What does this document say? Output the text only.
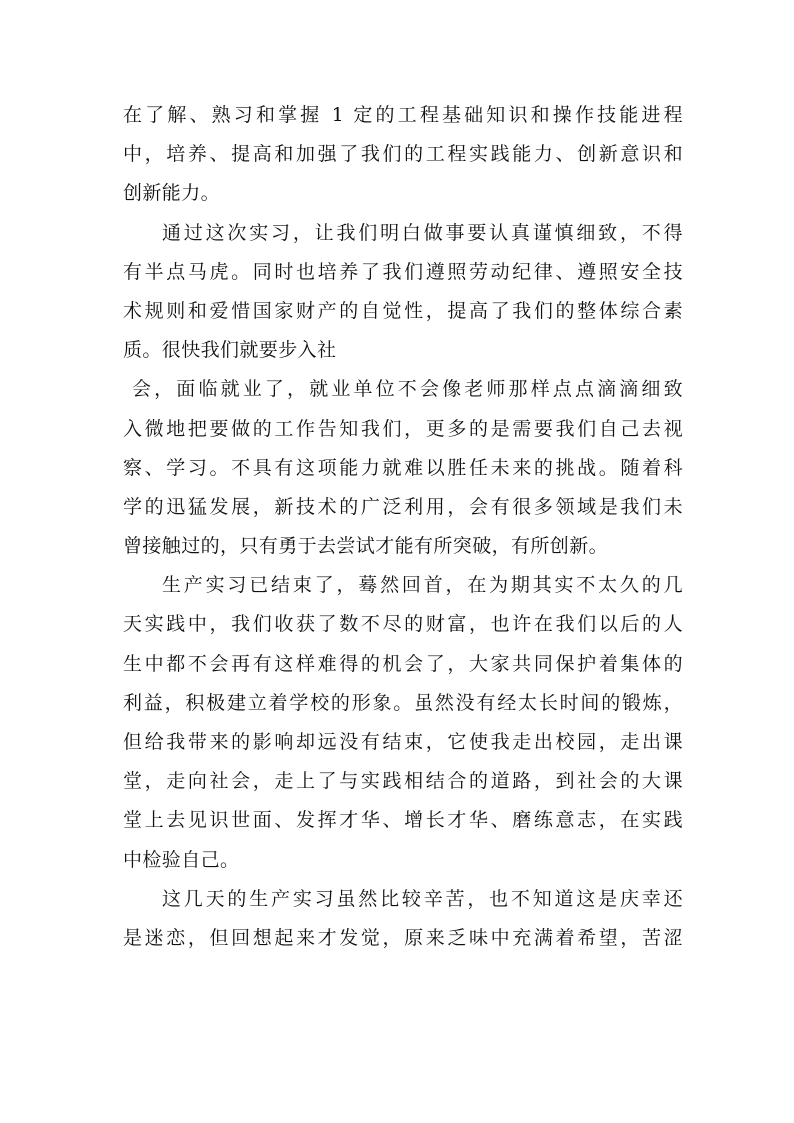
在了解、熟习和掌握 1 定的工程基础知识和操作技能进程
中，培养、提高和加强了我们的工程实践能力、创新意识和
创新能力。
通过这次实习，让我们明白做事要认真谨慎细致，不得
有半点马虎。同时也培养了我们遵照劳动纪律、遵照安全技
术规则和爱惜国家财产的自觉性，提高了我们的整体综合素
质。很快我们就要步入社
会，面临就业了，就业单位不会像老师那样点点滴滴细致
入微地把要做的工作告知我们，更多的是需要我们自己去视
察、学习。不具有这项能力就难以胜任未来的挑战。随着科
学的迅猛发展，新技术的广泛利用，会有很多领域是我们未
曾接触过的，只有勇于去尝试才能有所突破，有所创新。
生产实习已结束了，蓦然回首，在为期其实不太久的几
天实践中，我们收获了数不尽的财富，也许在我们以后的人
生中都不会再有这样难得的机会了，大家共同保护着集体的
利益，积极建立着学校的形象。虽然没有经太长时间的锻炼，
但给我带来的影响却远没有结束，它使我走出校园，走出课
堂，走向社会，走上了与实践相结合的道路，到社会的大课
堂上去见识世面、发挥才华、增长才华、磨练意志，在实践
中检验自己。
这几天的生产实习虽然比较辛苦，也不知道这是庆幸还
是迷恋，但回想起来才发觉，原来乏味中充满着希望，苦涩
